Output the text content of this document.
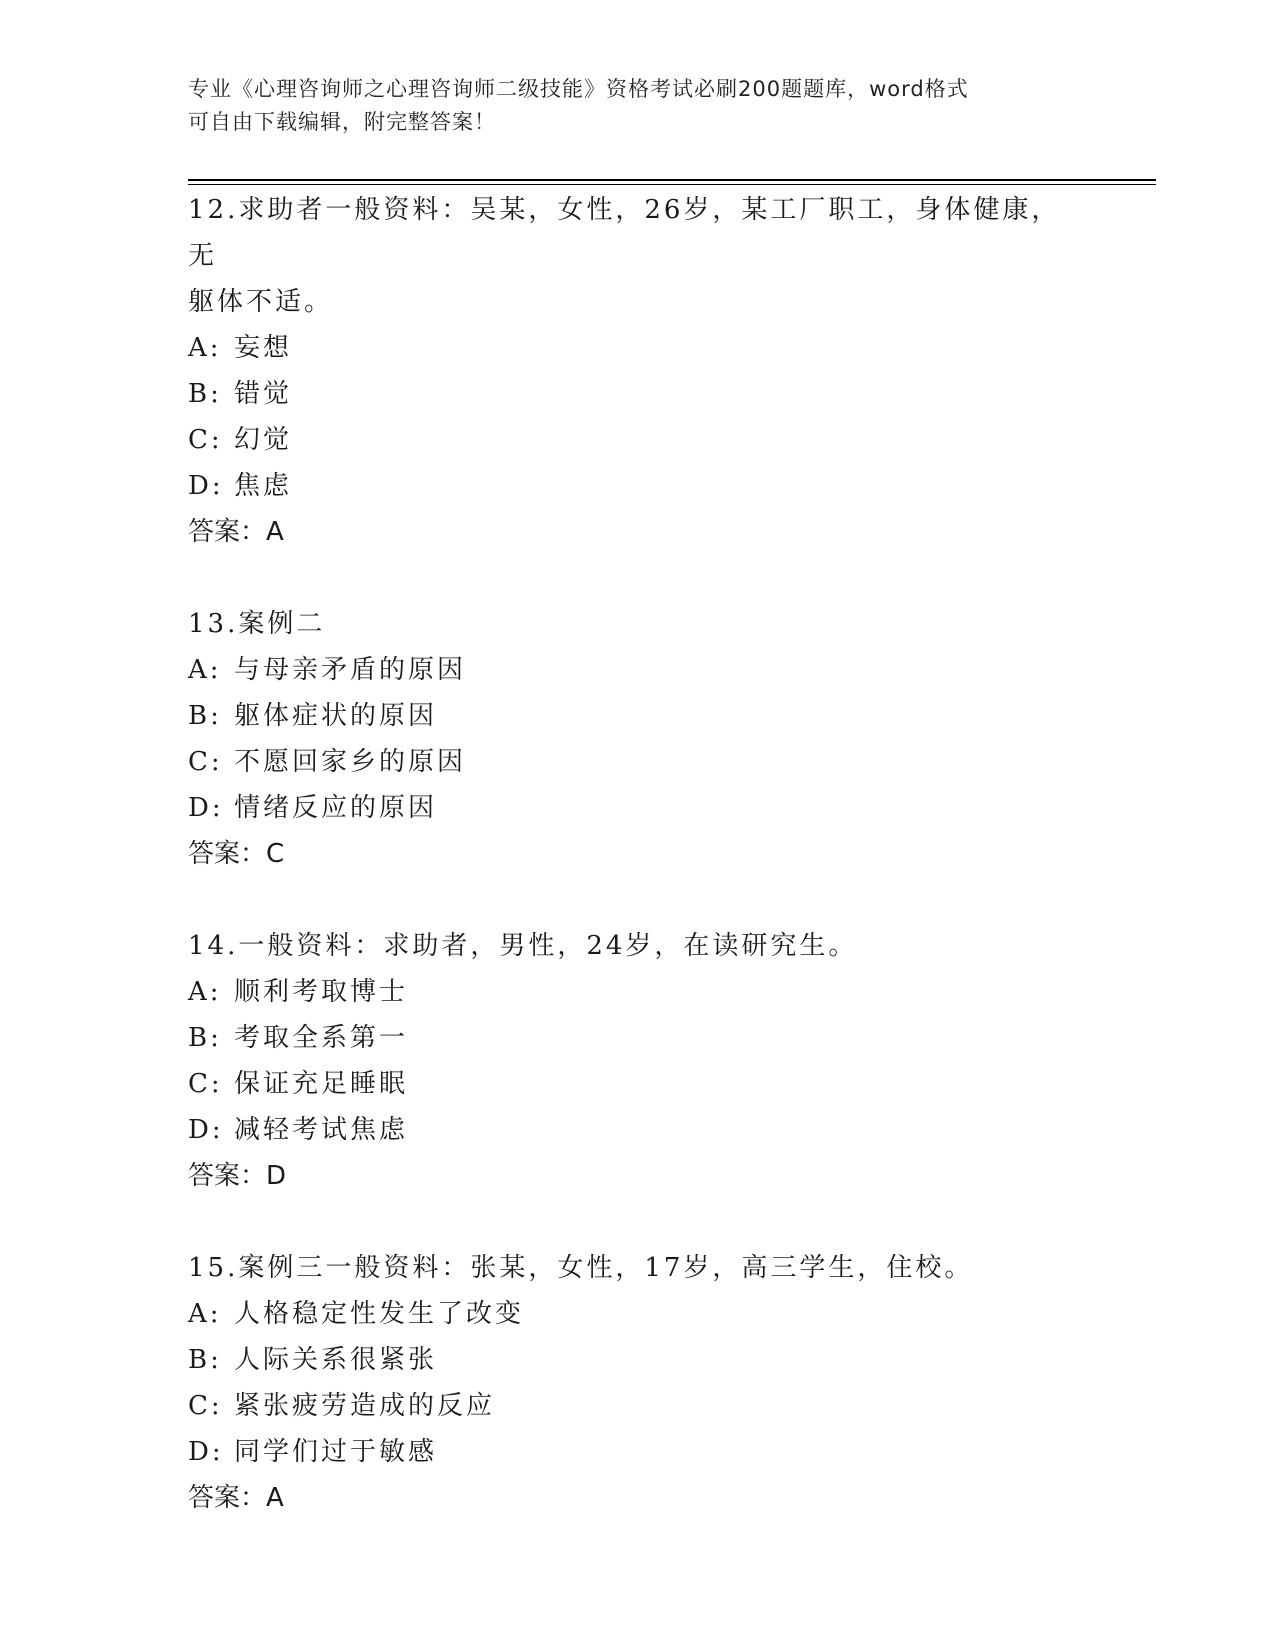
专业《心理咨询师之心理咨询师二级技能》资格考试必刷200题题库，word格式
可自由下载编辑，附完整答案！
12.求助者一般资料：吴某，女性，26岁，某工厂职工，身体健康，无
躯体不适。
A: 妄想
B: 错觉
C: 幻觉
D: 焦虑
答案：A
13.案例二
A: 与母亲矛盾的原因
B: 躯体症状的原因
C: 不愿回家乡的原因
D: 情绪反应的原因
答案：C
14.一般资料：求助者，男性，24岁，在读研究生。
A: 顺利考取博士
B: 考取全系第一
C: 保证充足睡眠
D: 减轻考试焦虑
答案：D
15.案例三一般资料：张某，女性，17岁，高三学生，住校。
A: 人格稳定性发生了改变
B: 人际关系很紧张
C: 紧张疲劳造成的反应
D: 同学们过于敏感
答案：A
